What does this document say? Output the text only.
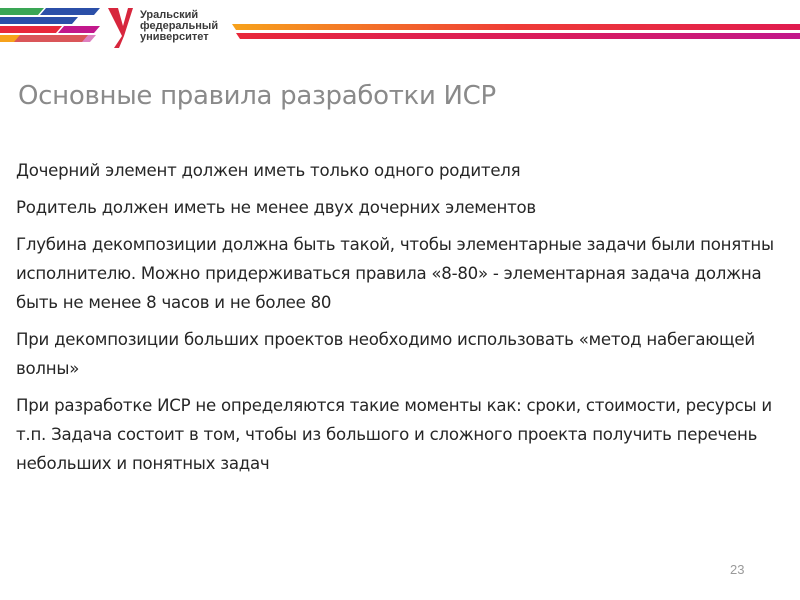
Уральский
федеральный
университет
Основные правила разработки ИСР
Дочерний элемент должен иметь только одного родителя
Родитель должен иметь не менее двух дочерних элементов
Глубина декомпозиции должна быть такой, чтобы элементарные задачи были понятны исполнителю. Можно придерживаться правила «8-80» - элементарная задача должна быть не менее 8 часов и не более 80
При декомпозиции больших проектов необходимо использовать «метод набегающей волны»
При разработке ИСР не определяются такие моменты как: сроки, стоимости, ресурсы и т.п. Задача состоит в том, чтобы из большого и сложного проекта получить перечень небольших и понятных задач
23
